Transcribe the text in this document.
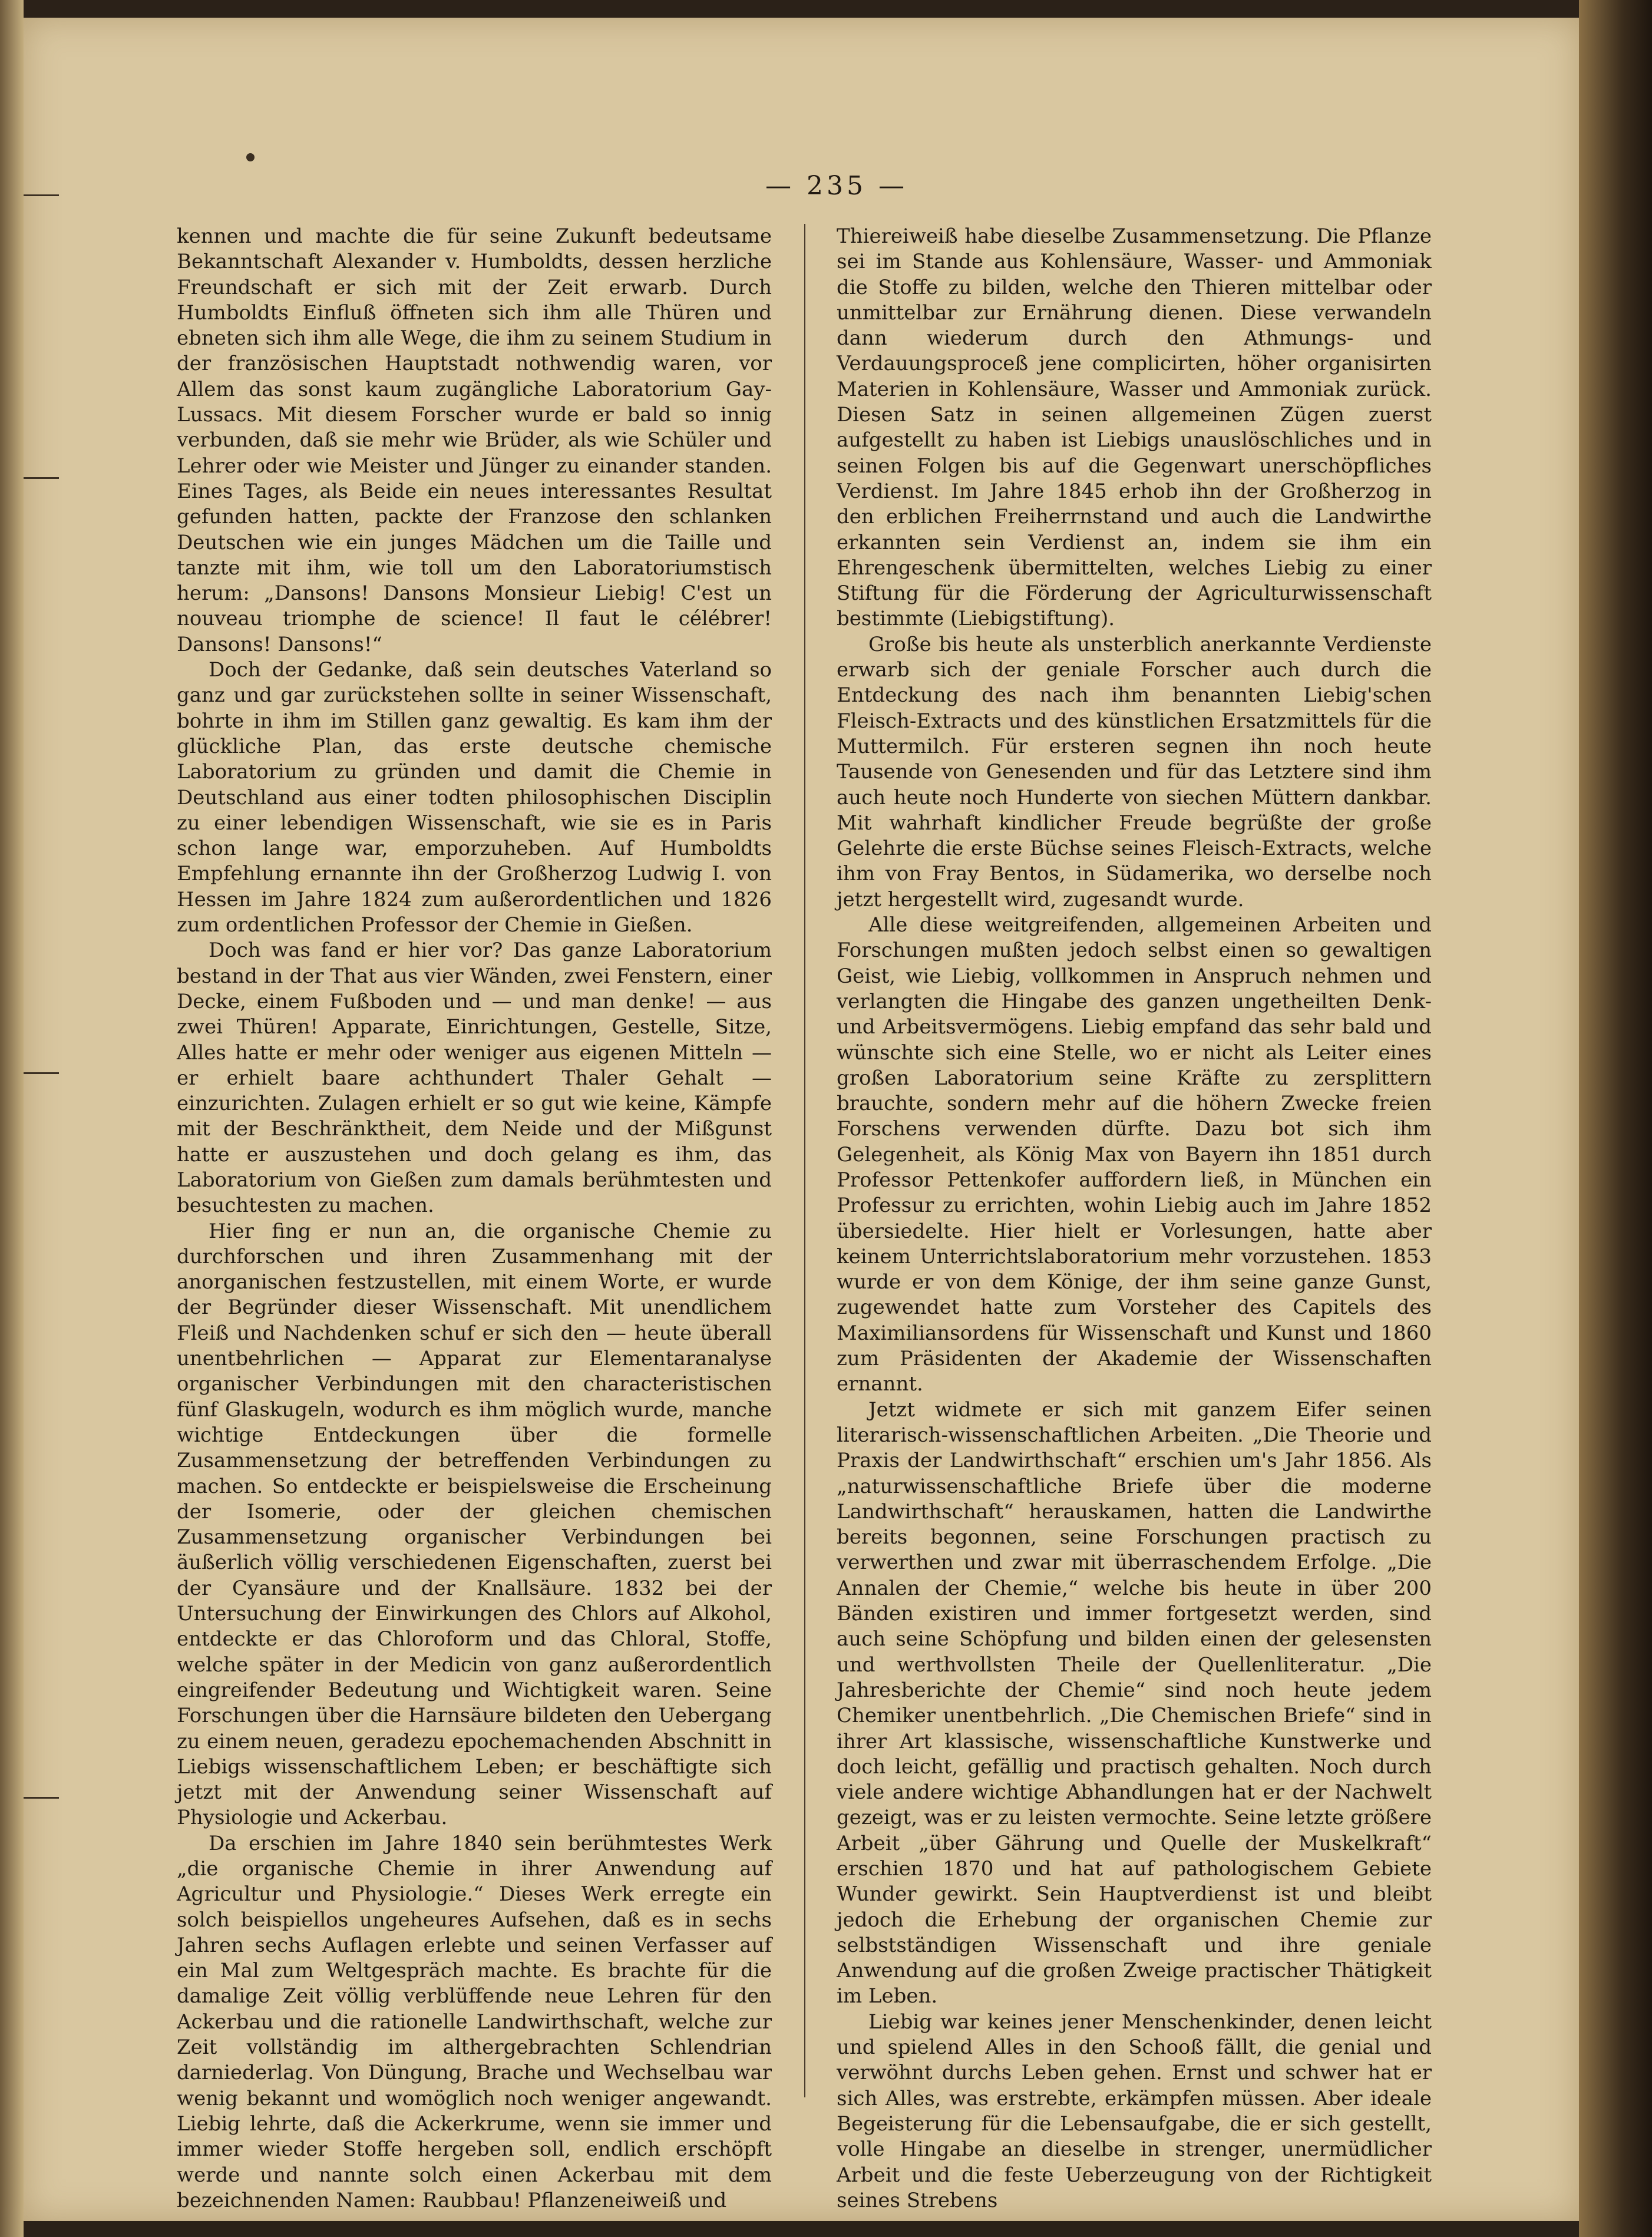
— 235 —

kennen und machte die für seine Zukunft bedeutsame Bekanntschaft Alexander v. Humboldts, dessen herzliche Freundschaft er sich mit der Zeit erwarb. Durch Humboldts Einfluß öffneten sich ihm alle Thüren und ebneten sich ihm alle Wege, die ihm zu seinem Studium in der französischen Hauptstadt nothwendig waren, vor Allem das sonst kaum zugängliche Laboratorium Gay-Lussacs. Mit diesem Forscher wurde er bald so innig verbunden, daß sie mehr wie Brüder, als wie Schüler und Lehrer oder wie Meister und Jünger zu einander standen. Eines Tages, als Beide ein neues interessantes Resultat gefunden hatten, packte der Franzose den schlanken Deutschen wie ein junges Mädchen um die Taille und tanzte mit ihm, wie toll um den Laboratoriumstisch herum: „Dansons! Dansons Monsieur Liebig! C'est un nouveau triomphe de science! Il faut le célébrer! Dansons! Dansons!“

Doch der Gedanke, daß sein deutsches Vaterland so ganz und gar zurückstehen sollte in seiner Wissenschaft, bohrte in ihm im Stillen ganz gewaltig. Es kam ihm der glückliche Plan, das erste deutsche chemische Laboratorium zu gründen und damit die Chemie in Deutschland aus einer todten philosophischen Disciplin zu einer lebendigen Wissenschaft, wie sie es in Paris schon lange war, emporzuheben. Auf Humboldts Empfehlung ernannte ihn der Großherzog Ludwig I. von Hessen im Jahre 1824 zum außerordentlichen und 1826 zum ordentlichen Professor der Chemie in Gießen.

Doch was fand er hier vor? Das ganze Laboratorium bestand in der That aus vier Wänden, zwei Fenstern, einer Decke, einem Fußboden und — und man denke! — aus zwei Thüren! Apparate, Einrichtungen, Gestelle, Sitze, Alles hatte er mehr oder weniger aus eigenen Mitteln — er erhielt baare achthundert Thaler Gehalt — einzurichten. Zulagen erhielt er so gut wie keine, Kämpfe mit der Beschränktheit, dem Neide und der Mißgunst hatte er auszustehen und doch gelang es ihm, das Laboratorium von Gießen zum damals berühmtesten und besuchtesten zu machen.

Hier fing er nun an, die organische Chemie zu durchforschen und ihren Zusammenhang mit der anorganischen festzustellen, mit einem Worte, er wurde der Begründer dieser Wissenschaft. Mit unendlichem Fleiß und Nachdenken schuf er sich den — heute überall unentbehrlichen — Apparat zur Elementaranalyse organischer Verbindungen mit den characteristischen fünf Glaskugeln, wodurch es ihm möglich wurde, manche wichtige Entdeckungen über die formelle Zusammensetzung der betreffenden Verbindungen zu machen. So entdeckte er beispielsweise die Erscheinung der Isomerie, oder der gleichen chemischen Zusammensetzung organischer Verbindungen bei äußerlich völlig verschiedenen Eigenschaften, zuerst bei der Cyansäure und der Knallsäure. 1832 bei der Untersuchung der Einwirkungen des Chlors auf Alkohol, entdeckte er das Chloroform und das Chloral, Stoffe, welche später in der Medicin von ganz außerordentlich eingreifender Bedeutung und Wichtigkeit waren. Seine Forschungen über die Harnsäure bildeten den Uebergang zu einem neuen, geradezu epochemachenden Abschnitt in Liebigs wissenschaftlichem Leben; er beschäftigte sich jetzt mit der Anwendung seiner Wissenschaft auf Physiologie und Ackerbau.

Da erschien im Jahre 1840 sein berühmtestes Werk „die organische Chemie in ihrer Anwendung auf Agricultur und Physiologie.“ Dieses Werk erregte ein solch beispiellos ungeheures Aufsehen, daß es in sechs Jahren sechs Auflagen erlebte und seinen Verfasser auf ein Mal zum Weltgespräch machte. Es brachte für die damalige Zeit völlig verblüffende neue Lehren für den Ackerbau und die rationelle Landwirthschaft, welche zur Zeit vollständig im althergebrachten Schlendrian darniederlag. Von Düngung, Brache und Wechselbau war wenig bekannt und womöglich noch weniger angewandt. Liebig lehrte, daß die Ackerkrume, wenn sie immer und immer wieder Stoffe hergeben soll, endlich erschöpft werde und nannte solch einen Ackerbau mit dem bezeichnenden Namen: Raubbau! Pflanzeneiweiß und

Thiereiweiß habe dieselbe Zusammensetzung. Die Pflanze sei im Stande aus Kohlensäure, Wasser- und Ammoniak die Stoffe zu bilden, welche den Thieren mittelbar oder unmittelbar zur Ernährung dienen. Diese verwandeln dann wiederum durch den Athmungs- und Verdauungsproceß jene complicirten, höher organisirten Materien in Kohlensäure, Wasser und Ammoniak zurück. Diesen Satz in seinen allgemeinen Zügen zuerst aufgestellt zu haben ist Liebigs unauslöschliches und in seinen Folgen bis auf die Gegenwart unerschöpfliches Verdienst. Im Jahre 1845 erhob ihn der Großherzog in den erblichen Freiherrnstand und auch die Landwirthe erkannten sein Verdienst an, indem sie ihm ein Ehrengeschenk übermittelten, welches Liebig zu einer Stiftung für die Förderung der Agriculturwissenschaft bestimmte (Liebigstiftung).

Große bis heute als unsterblich anerkannte Verdienste erwarb sich der geniale Forscher auch durch die Entdeckung des nach ihm benannten Liebig'schen Fleisch-Extracts und des künstlichen Ersatzmittels für die Muttermilch. Für ersteren segnen ihn noch heute Tausende von Genesenden und für das Letztere sind ihm auch heute noch Hunderte von siechen Müttern dankbar. Mit wahrhaft kindlicher Freude begrüßte der große Gelehrte die erste Büchse seines Fleisch-Extracts, welche ihm von Fray Bentos, in Südamerika, wo derselbe noch jetzt hergestellt wird, zugesandt wurde.

Alle diese weitgreifenden, allgemeinen Arbeiten und Forschungen mußten jedoch selbst einen so gewaltigen Geist, wie Liebig, vollkommen in Anspruch nehmen und verlangten die Hingabe des ganzen ungetheilten Denk- und Arbeitsvermögens. Liebig empfand das sehr bald und wünschte sich eine Stelle, wo er nicht als Leiter eines großen Laboratorium seine Kräfte zu zersplittern brauchte, sondern mehr auf die höhern Zwecke freien Forschens verwenden dürfte. Dazu bot sich ihm Gelegenheit, als König Max von Bayern ihn 1851 durch Professor Pettenkofer auffordern ließ, in München ein Professur zu errichten, wohin Liebig auch im Jahre 1852 übersiedelte. Hier hielt er Vorlesungen, hatte aber keinem Unterrichtslaboratorium mehr vorzustehen. 1853 wurde er von dem Könige, der ihm seine ganze Gunst, zugewendet hatte zum Vorsteher des Capitels des Maximiliansordens für Wissenschaft und Kunst und 1860 zum Präsidenten der Akademie der Wissenschaften ernannt.

Jetzt widmete er sich mit ganzem Eifer seinen literarisch-wissenschaftlichen Arbeiten. „Die Theorie und Praxis der Landwirthschaft“ erschien um's Jahr 1856. Als „naturwissenschaftliche Briefe über die moderne Landwirthschaft“ herauskamen, hatten die Landwirthe bereits begonnen, seine Forschungen practisch zu verwerthen und zwar mit überraschendem Erfolge. „Die Annalen der Chemie,“ welche bis heute in über 200 Bänden existiren und immer fortgesetzt werden, sind auch seine Schöpfung und bilden einen der gelesensten und werthvollsten Theile der Quellenliteratur. „Die Jahresberichte der Chemie“ sind noch heute jedem Chemiker unentbehrlich. „Die Chemischen Briefe“ sind in ihrer Art klassische, wissenschaftliche Kunstwerke und doch leicht, gefällig und practisch gehalten. Noch durch viele andere wichtige Abhandlungen hat er der Nachwelt gezeigt, was er zu leisten vermochte. Seine letzte größere Arbeit „über Gährung und Quelle der Muskelkraft“ erschien 1870 und hat auf pathologischem Gebiete Wunder gewirkt. Sein Hauptverdienst ist und bleibt jedoch die Erhebung der organischen Chemie zur selbstständigen Wissenschaft und ihre geniale Anwendung auf die großen Zweige practischer Thätigkeit im Leben.

Liebig war keines jener Menschenkinder, denen leicht und spielend Alles in den Schooß fällt, die genial und verwöhnt durchs Leben gehen. Ernst und schwer hat er sich Alles, was erstrebte, erkämpfen müssen. Aber ideale Begeisterung für die Lebensaufgabe, die er sich gestellt, volle Hingabe an dieselbe in strenger, unermüdlicher Arbeit und die feste Ueberzeugung von der Richtigkeit seines Strebens
